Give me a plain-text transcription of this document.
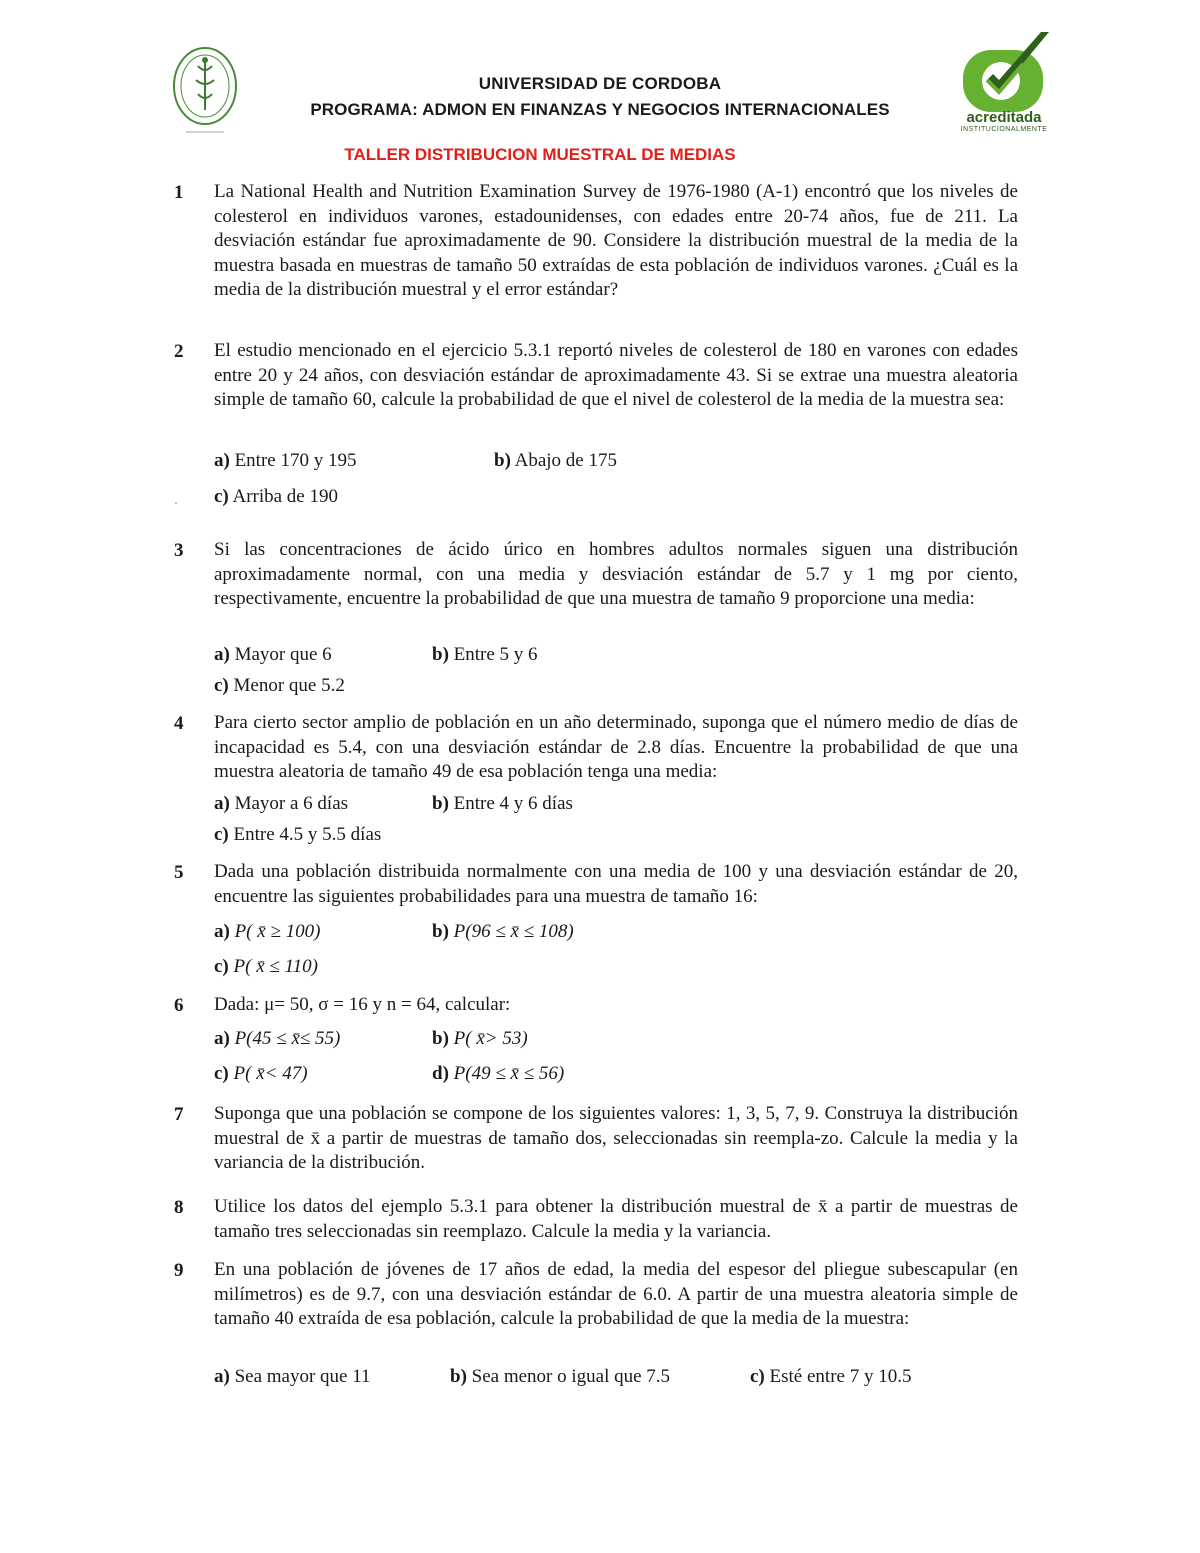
acreditada
INSTITUCIONALMENTE
UNIVERSIDAD DE CORDOBA
PROGRAMA: ADMON EN FINANZAS Y NEGOCIOS INTERNACIONALES
TALLER DISTRIBUCION MUESTRAL DE MEDIAS
1	La National Health and Nutrition Examination Survey de 1976-1980 (A-1) encontró que los niveles de colesterol en individuos varones, estadounidenses, con edades entre 20-74 años, fue de 211. La desviación estándar fue aproximadamente de 90. Considere la distribución muestral de la media de la muestra basada en muestras de tamaño 50 extraídas de esta población de individuos varones. ¿Cuál es la media de la distribución muestral y el error estándar?
2	El estudio mencionado en el ejercicio 5.3.1 reportó niveles de colesterol de 180 en varones con edades entre 20 y 24 años, con desviación estándar de aproximadamente 43. Si se extrae una muestra aleatoria simple de tamaño 60, calcule la probabilidad de que el nivel de colesterol de la media de la muestra sea:
a) Entre 170 y 195	b) Abajo de 175
· c) Arriba de 190
3	Si las concentraciones de ácido úrico en hombres adultos normales siguen una distribución aproximadamente normal, con una media y desviación estándar de 5.7 y 1 mg por ciento, respectivamente, encuentre la probabilidad de que una muestra de tamaño 9 proporcione una media:
a) Mayor que 6	b) Entre 5 y 6
c) Menor que 5.2
4	Para cierto sector amplio de población en un año determinado, suponga que el número medio de días de incapacidad es 5.4, con una desviación estándar de 2.8 días. Encuentre la probabilidad de que una muestra aleatoria de tamaño 49 de esa población tenga una media:
a) Mayor a 6 días	b) Entre 4 y 6 días
c) Entre 4.5 y 5.5 días
5	Dada una población distribuida normalmente con una media de 100 y una desviación estándar de 20, encuentre las siguientes probabilidades para una muestra de tamaño 16:
a) P( x̄ ≥ 100)	b) P(96 ≤ x̄ ≤ 108)
c) P( x̄ ≤ 110)
6	Dada: μ= 50, σ = 16 y n = 64, calcular:
a) P(45 ≤ x̄≤ 55)	b) P( x̄> 53)
c) P( x̄< 47)	d) P(49 ≤ x̄ ≤ 56)
7	Suponga que una población se compone de los siguientes valores: 1, 3, 5, 7, 9. Construya la distribución muestral de x̄ a partir de muestras de tamaño dos, seleccionadas sin reempla-zo. Calcule la media y la variancia de la distribución.
8	Utilice los datos del ejemplo 5.3.1 para obtener la distribución muestral de x̄ a partir de muestras de tamaño tres seleccionadas sin reemplazo. Calcule la media y la variancia.
9	En una población de jóvenes de 17 años de edad, la media del espesor del pliegue subescapular (en milímetros) es de 9.7, con una desviación estándar de 6.0. A partir de una muestra aleatoria simple de tamaño 40 extraída de esa población, calcule la probabilidad de que la media de la muestra:
a) Sea mayor que 11	b) Sea menor o igual que 7.5	c) Esté entre 7 y 10.5
